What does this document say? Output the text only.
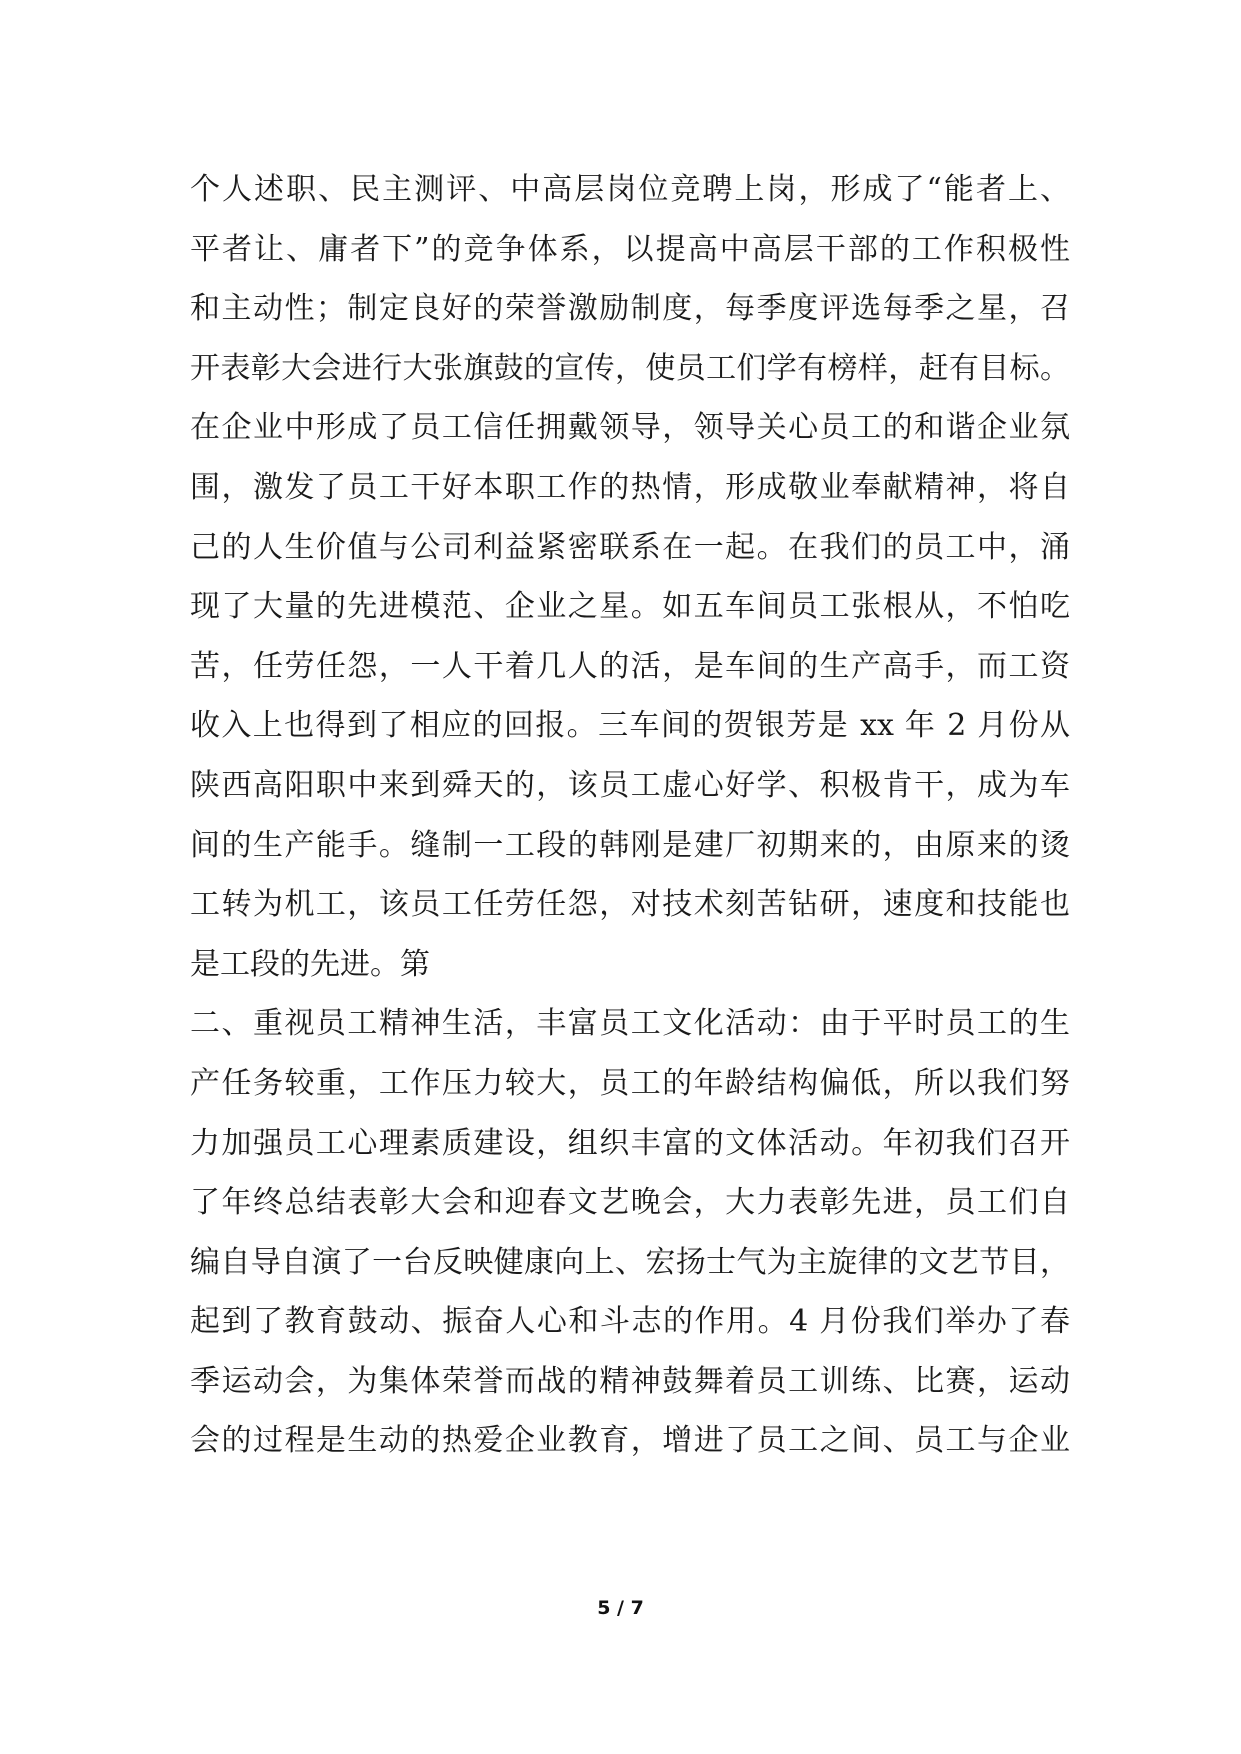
个人述职、民主测评、中高层岗位竞聘上岗，形成了“能者上、
平者让、庸者下”的竞争体系，以提高中高层干部的工作积极性
和主动性；制定良好的荣誉激励制度，每季度评选每季之星，召
开表彰大会进行大张旗鼓的宣传，使员工们学有榜样，赶有目标。
在企业中形成了员工信任拥戴领导，领导关心员工的和谐企业氛
围，激发了员工干好本职工作的热情，形成敬业奉献精神，将自
己的人生价值与公司利益紧密联系在一起。在我们的员工中，涌
现了大量的先进模范、企业之星。如五车间员工张根从，不怕吃
苦，任劳任怨，一人干着几人的活，是车间的生产高手，而工资
收入上也得到了相应的回报。三车间的贺银芳是 xx 年 2 月份从
陕西高阳职中来到舜天的，该员工虚心好学、积极肯干，成为车
间的生产能手。缝制一工段的韩刚是建厂初期来的，由原来的烫
工转为机工，该员工任劳任怨，对技术刻苦钻研，速度和技能也
是工段的先进。第
二、重视员工精神生活，丰富员工文化活动：由于平时员工的生
产任务较重，工作压力较大，员工的年龄结构偏低，所以我们努
力加强员工心理素质建设，组织丰富的文体活动。年初我们召开
了年终总结表彰大会和迎春文艺晚会，大力表彰先进，员工们自
编自导自演了一台反映健康向上、宏扬士气为主旋律的文艺节目，
起到了教育鼓动、振奋人心和斗志的作用。4 月份我们举办了春
季运动会，为集体荣誉而战的精神鼓舞着员工训练、比赛，运动
会的过程是生动的热爱企业教育，增进了员工之间、员工与企业
5 / 7
